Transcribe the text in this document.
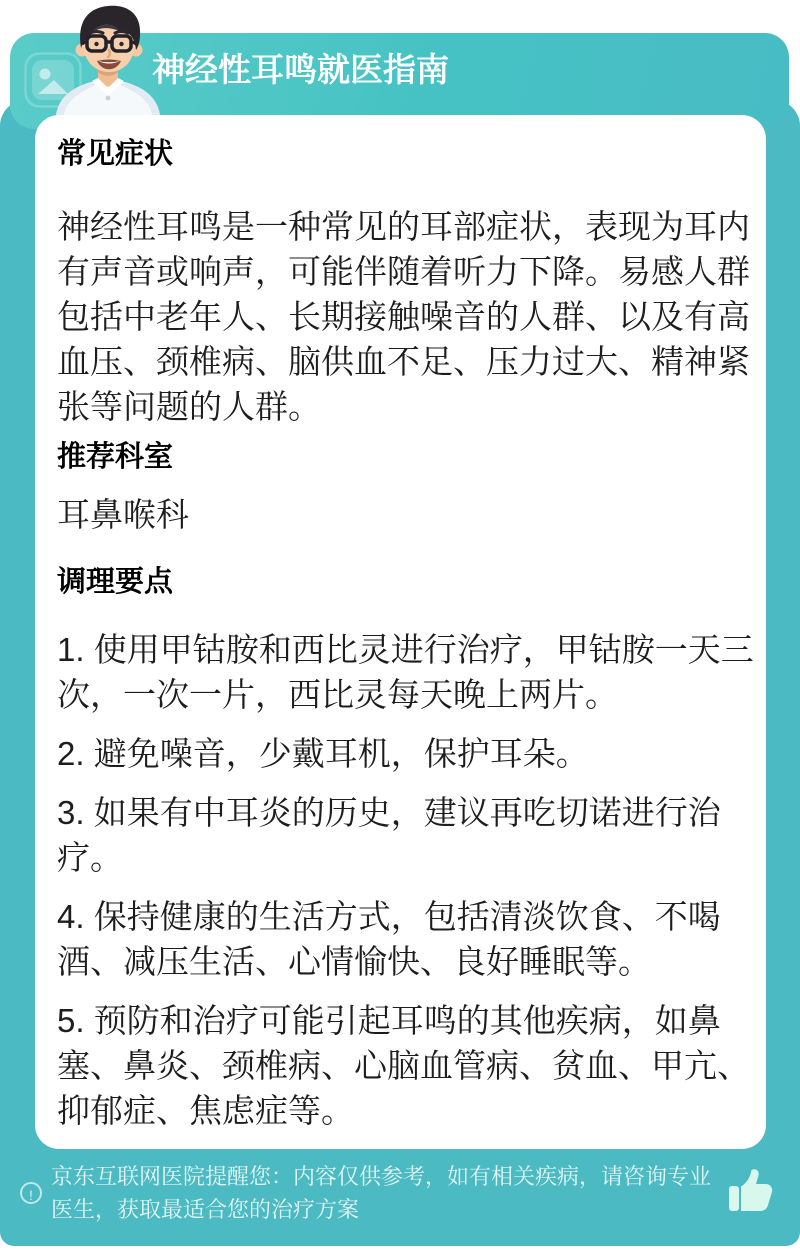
神经性耳鸣就医指南
常见症状

神经性耳鸣是一种常见的耳部症状，表现为耳内有声音或响声，可能伴随着听力下降。易感人群包括中老年人、长期接触噪音的人群、以及有高血压、颈椎病、脑供血不足、压力过大、精神紧张等问题的人群。

推荐科室

耳鼻喉科

调理要点
1. 使用甲钴胺和西比灵进行治疗，甲钴胺一天三次，一次一片，西比灵每天晚上两片。
2. 避免噪音，少戴耳机，保护耳朵。
3. 如果有中耳炎的历史，建议再吃切诺进行治疗。
4. 保持健康的生活方式，包括清淡饮食、不喝酒、减压生活、心情愉快、良好睡眠等。
5. 预防和治疗可能引起耳鸣的其他疾病，如鼻塞、鼻炎、颈椎病、心脑血管病、贫血、甲亢、抑郁症、焦虑症等。
!
京东互联网医院提醒您：内容仅供参考，如有相关疾病，请咨询专业医生，获取最适合您的治疗方案
